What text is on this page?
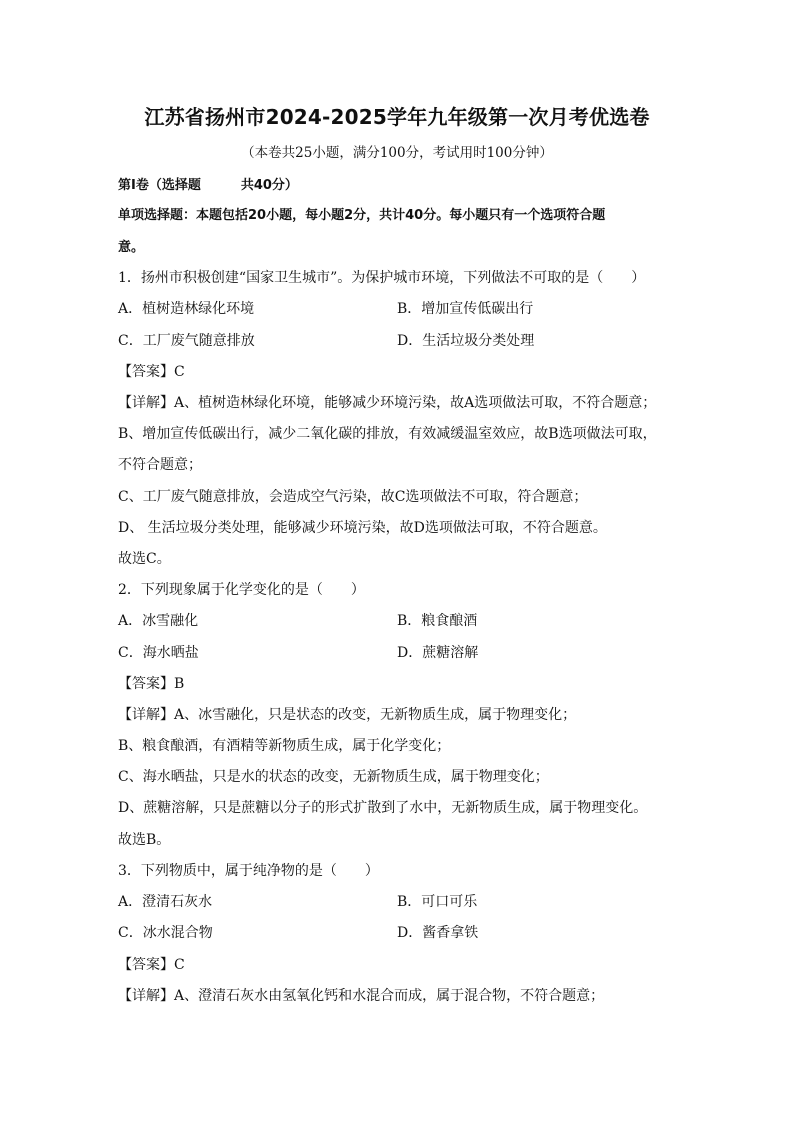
江苏省扬州市2024-2025学年九年级第一次月考优选卷
（本卷共25小题，满分100分，考试用时100分钟）
第Ⅰ卷（选择题	共40分）
单项选择题：本题包括20小题，每小题2分，共计40分。每小题只有一个选项符合题
意。
1．扬州市积极创建“国家卫生城市”。为保护城市环境，下列做法不可取的是（　　）
A．植树造林绿化环境	B．增加宣传低碳出行
C．工厂废气随意排放	D．生活垃圾分类处理
【答案】C
【详解】A、植树造林绿化环境，能够减少环境污染，故A选项做法可取，不符合题意；
B、增加宣传低碳出行，减少二氧化碳的排放，有效减缓温室效应，故B选项做法可取，
不符合题意；
C、工厂废气随意排放，会造成空气污染，故C选项做法不可取，符合题意；
D、 生活垃圾分类处理，能够减少环境污染，故D选项做法可取，不符合题意。
故选C。
2．下列现象属于化学变化的是（　　）
A．冰雪融化	B．粮食酿酒
C．海水晒盐	D．蔗糖溶解
【答案】B
【详解】A、冰雪融化，只是状态的改变，无新物质生成，属于物理变化；
B、粮食酿酒，有酒精等新物质生成，属于化学变化；
C、海水晒盐，只是水的状态的改变，无新物质生成，属于物理变化；
D、蔗糖溶解，只是蔗糖以分子的形式扩散到了水中，无新物质生成，属于物理变化。
故选B。
3．下列物质中，属于纯净物的是（　　）
A．澄清石灰水	B．可口可乐
C．冰水混合物	D．酱香拿铁
【答案】C
【详解】A、澄清石灰水由氢氧化钙和水混合而成，属于混合物，不符合题意；
